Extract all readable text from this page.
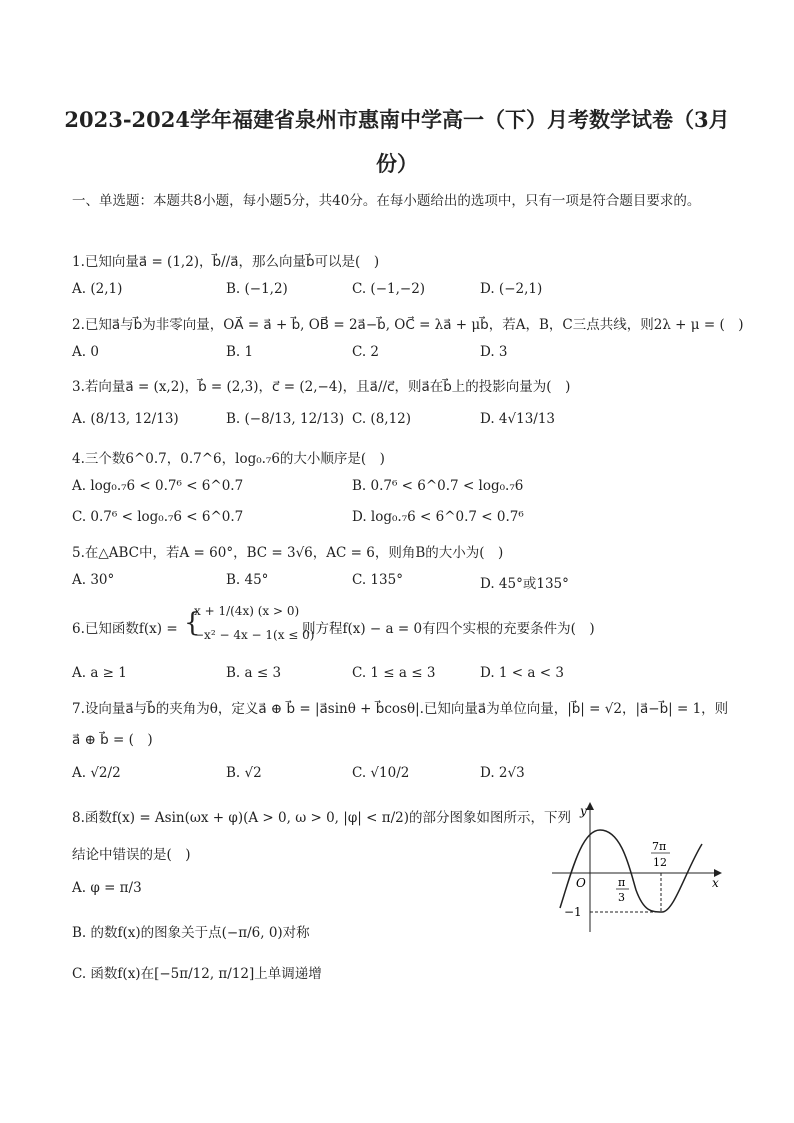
2023-2024学年福建省泉州市惠南中学高一（下）月考数学试卷（3月份）
一、单选题：本题共8小题，每小题5分，共40分。在每小题给出的选项中，只有一项是符合题目要求的。
1.已知向量a⃗ = (1,2)，b⃗//a⃗，那么向量b⃗可以是(　)
A. (2,1)	B. (−1,2)	C. (−1,−2)	D. (−2,1)
2.已知a⃗与b⃗为非零向量，OA⃗ = a⃗ + b⃗, OB⃗ = 2a⃗−b⃗, OC⃗ = λa⃗ + μb⃗，若A，B，C三点共线，则2λ + μ = (　)
A. 0	B. 1	C. 2	D. 3
3.若向量a⃗ = (x,2)，b⃗ = (2,3)，c⃗ = (2,−4)，且a⃗//c⃗，则a⃗在b⃗上的投影向量为(　)
A. (8/13, 12/13)	B. (−8/13, 12/13) C. (8,12)	D. 4√13/13
4.三个数6^0.7，0.7^6，log₀.₇6的大小顺序是(　)
A. log₀.₇6 < 0.7⁶ < 6^0.7	B. 0.7⁶ < 6^0.7 < log₀.₇6
C. 0.7⁶ < log₀.₇6 < 6^0.7	D. log₀.₇6 < 6^0.7 < 0.7⁶
5.在△ABC中，若A = 60°，BC = 3√6，AC = 6，则角B的大小为(　)
A. 30°	B. 45°	C. 135°	D. 45°或135°
6.已知函数f(x) = {
x + 1/(4x) (x > 0)
−x² − 4x − 1(x ≤ 0)
则方程f(x) − a = 0有四个实根的充要条件为(　)
A. a ≥ 1	B. a ≤ 3	C. 1 ≤ a ≤ 3	D. 1 < a < 3
7.设向量a⃗与b⃗的夹角为θ，定义a⃗ ⊕ b⃗ = |a⃗sinθ + b⃗cosθ|.已知向量a⃗为单位向量，|b⃗| = √2，|a⃗−b⃗| = 1，则
a⃗ ⊕ b⃗ = (　)
A. √2/2	B. √2	C. √10/2	D. 2√3
8.函数f(x) = Asin(ωx + φ)(A > 0, ω > 0, |φ| < π/2)的部分图象如图所示，下列
结论中错误的是(　)
A. φ = π/3
B. 的数f(x)的图象关于点(−π/6, 0)对称
C. 函数f(x)在[−5π/12, π/12]上单调递增
y
x
O
7π
12
π
3
−1
